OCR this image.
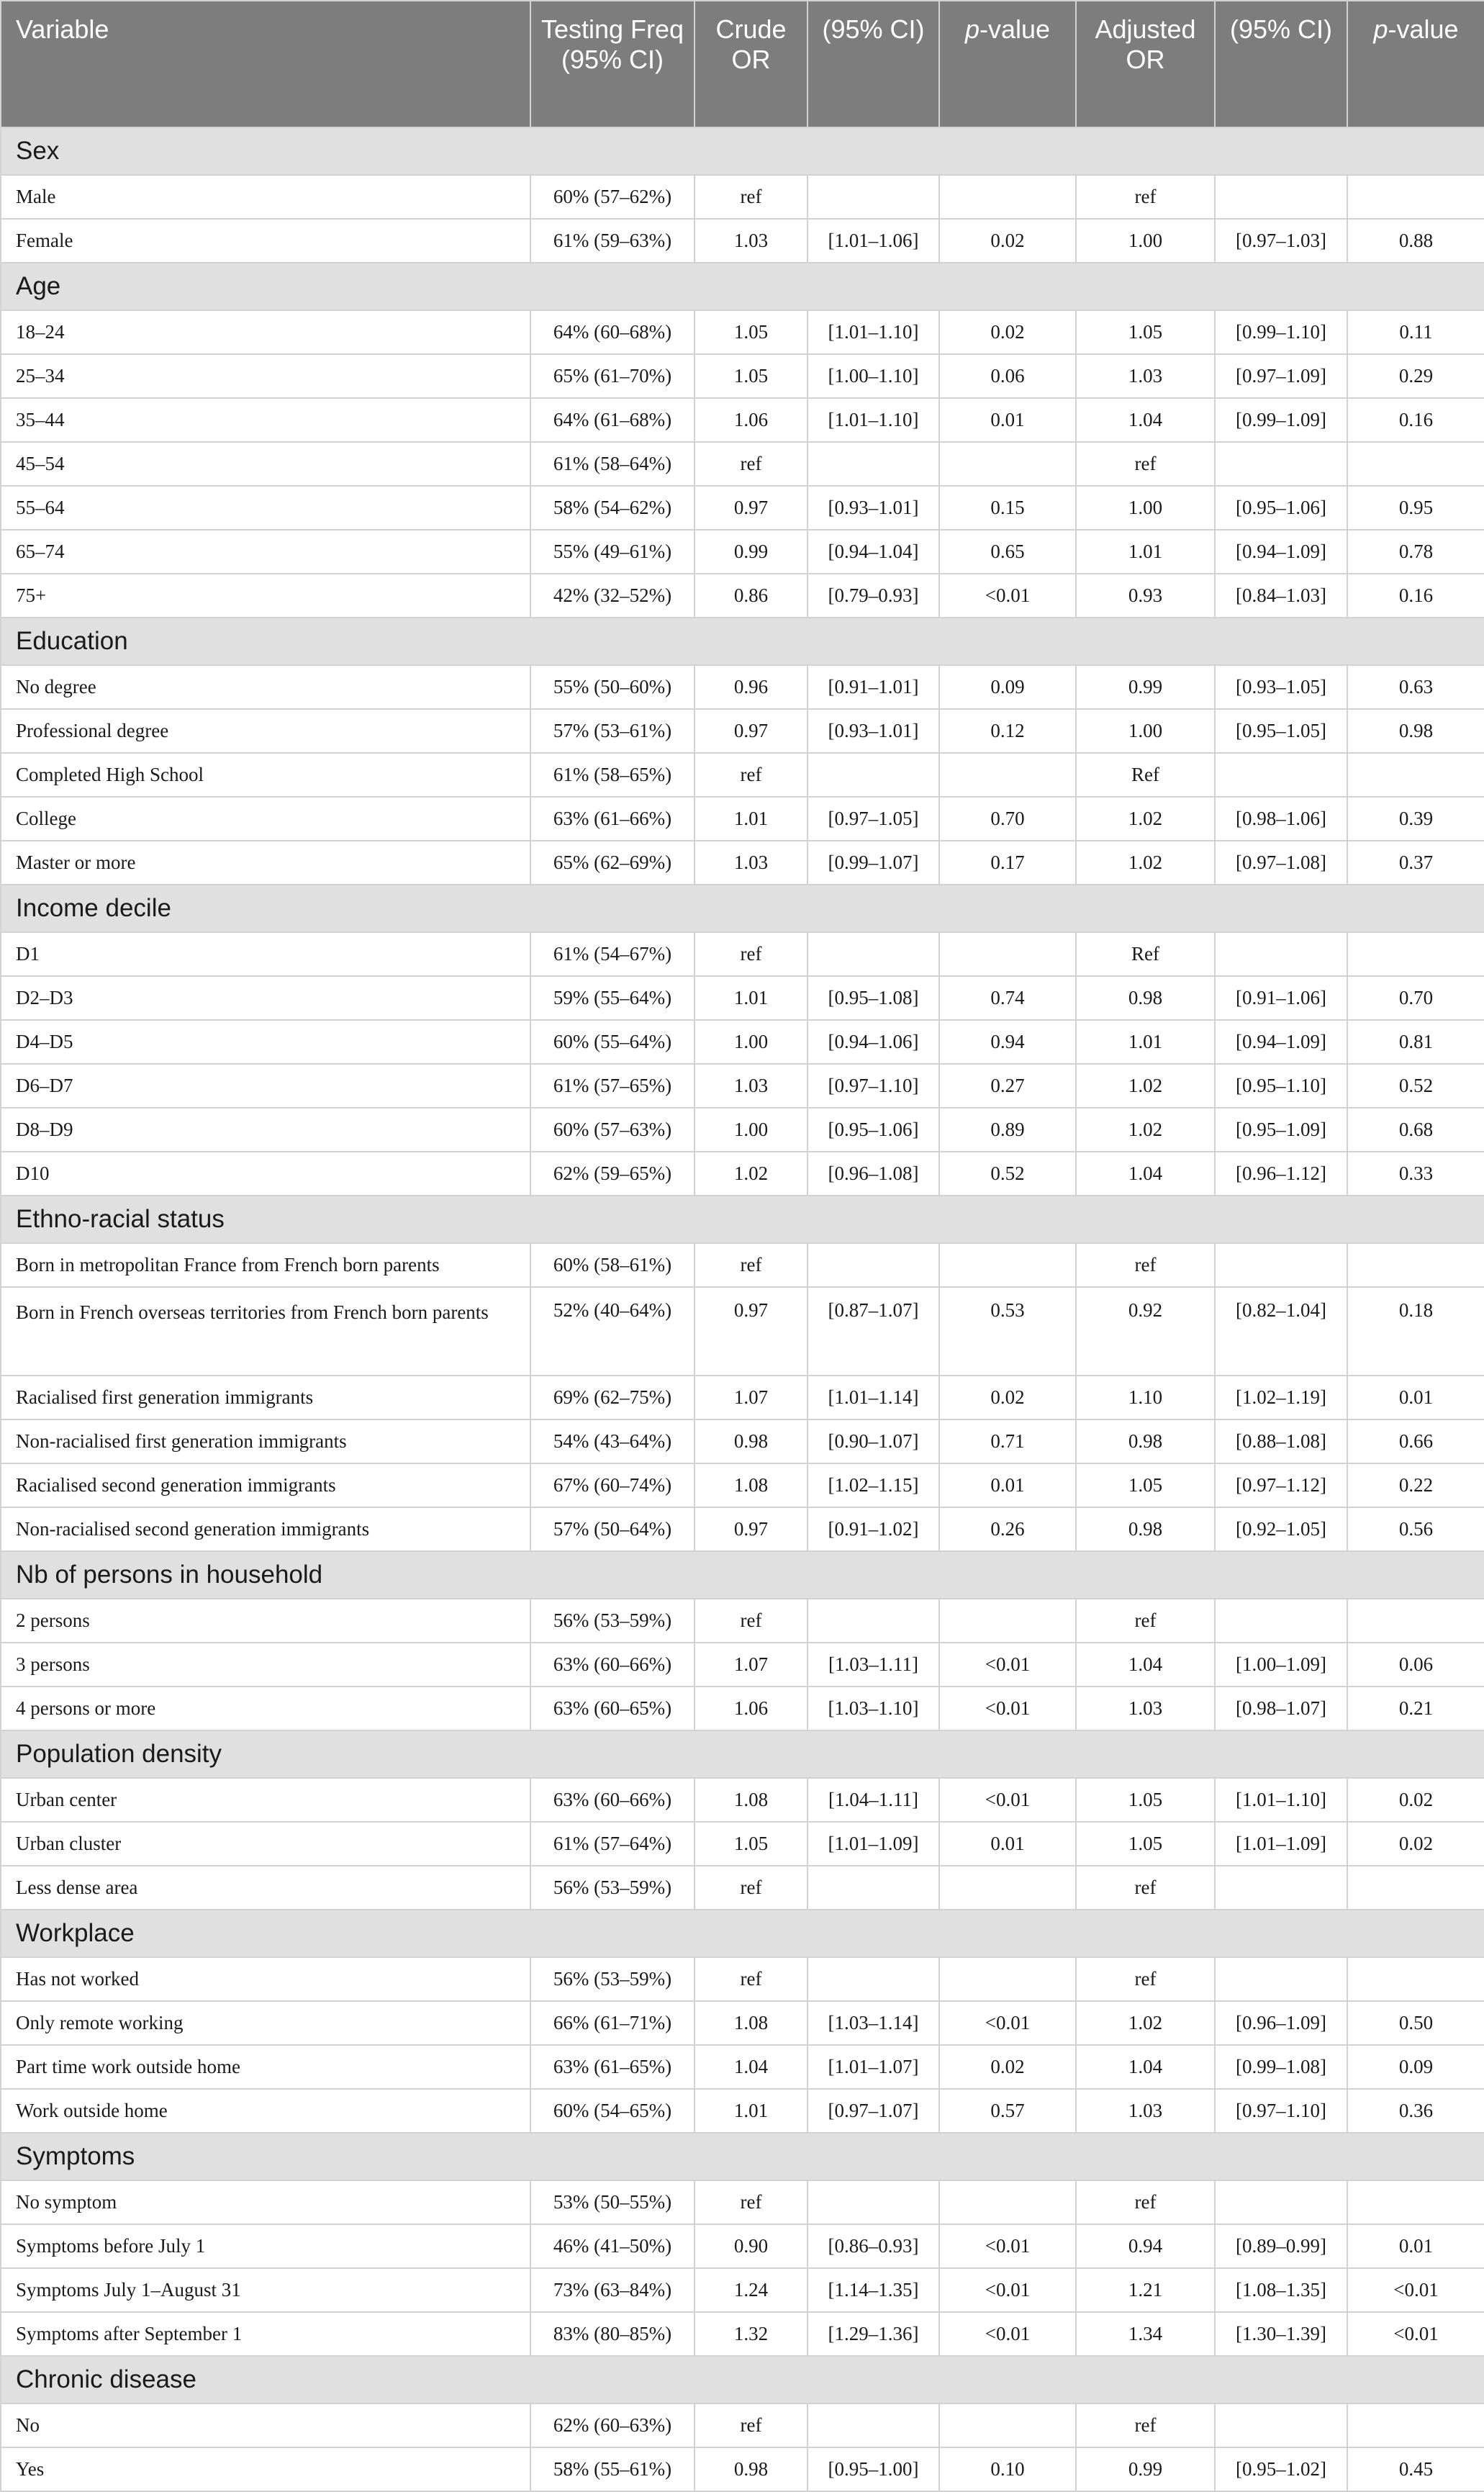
Variable	Testing Freq (95% CI)	Crude OR	(95% CI)	p-value	Adjusted OR	(95% CI)	p-value
Sex							
Male	60% (57–62%)	ref			ref		
Female	61% (59–63%)	1.03	[1.01–1.06]	0.02	1.00	[0.97–1.03]	0.88
Age							
18–24	64% (60–68%)	1.05	[1.01–1.10]	0.02	1.05	[0.99–1.10]	0.11
25–34	65% (61–70%)	1.05	[1.00–1.10]	0.06	1.03	[0.97–1.09]	0.29
35–44	64% (61–68%)	1.06	[1.01–1.10]	0.01	1.04	[0.99–1.09]	0.16
45–54	61% (58–64%)	ref			ref		
55–64	58% (54–62%)	0.97	[0.93–1.01]	0.15	1.00	[0.95–1.06]	0.95
65–74	55% (49–61%)	0.99	[0.94–1.04]	0.65	1.01	[0.94–1.09]	0.78
75+	42% (32–52%)	0.86	[0.79–0.93]	<0.01	0.93	[0.84–1.03]	0.16
Education							
No degree	55% (50–60%)	0.96	[0.91–1.01]	0.09	0.99	[0.93–1.05]	0.63
Professional degree	57% (53–61%)	0.97	[0.93–1.01]	0.12	1.00	[0.95–1.05]	0.98
Completed High School	61% (58–65%)	ref			Ref		
College	63% (61–66%)	1.01	[0.97–1.05]	0.70	1.02	[0.98–1.06]	0.39
Master or more	65% (62–69%)	1.03	[0.99–1.07]	0.17	1.02	[0.97–1.08]	0.37
Income decile							
D1	61% (54–67%)	ref			Ref		
D2–D3	59% (55–64%)	1.01	[0.95–1.08]	0.74	0.98	[0.91–1.06]	0.70
D4–D5	60% (55–64%)	1.00	[0.94–1.06]	0.94	1.01	[0.94–1.09]	0.81
D6–D7	61% (57–65%)	1.03	[0.97–1.10]	0.27	1.02	[0.95–1.10]	0.52
D8–D9	60% (57–63%)	1.00	[0.95–1.06]	0.89	1.02	[0.95–1.09]	0.68
D10	62% (59–65%)	1.02	[0.96–1.08]	0.52	1.04	[0.96–1.12]	0.33
Ethno-racial status							
Born in metropolitan France from French born parents	60% (58–61%)	ref			ref		
Born in French overseas territories from French born parents	52% (40–64%)	0.97	[0.87–1.07]	0.53	0.92	[0.82–1.04]	0.18
Racialised first generation immigrants	69% (62–75%)	1.07	[1.01–1.14]	0.02	1.10	[1.02–1.19]	0.01
Non-racialised first generation immigrants	54% (43–64%)	0.98	[0.90–1.07]	0.71	0.98	[0.88–1.08]	0.66
Racialised second generation immigrants	67% (60–74%)	1.08	[1.02–1.15]	0.01	1.05	[0.97–1.12]	0.22
Non-racialised second generation immigrants	57% (50–64%)	0.97	[0.91–1.02]	0.26	0.98	[0.92–1.05]	0.56
Nb of persons in household							
2 persons	56% (53–59%)	ref			ref		
3 persons	63% (60–66%)	1.07	[1.03–1.11]	<0.01	1.04	[1.00–1.09]	0.06
4 persons or more	63% (60–65%)	1.06	[1.03–1.10]	<0.01	1.03	[0.98–1.07]	0.21
Population density							
Urban center	63% (60–66%)	1.08	[1.04–1.11]	<0.01	1.05	[1.01–1.10]	0.02
Urban cluster	61% (57–64%)	1.05	[1.01–1.09]	0.01	1.05	[1.01–1.09]	0.02
Less dense area	56% (53–59%)	ref			ref		
Workplace							
Has not worked	56% (53–59%)	ref			ref		
Only remote working	66% (61–71%)	1.08	[1.03–1.14]	<0.01	1.02	[0.96–1.09]	0.50
Part time work outside home	63% (61–65%)	1.04	[1.01–1.07]	0.02	1.04	[0.99–1.08]	0.09
Work outside home	60% (54–65%)	1.01	[0.97–1.07]	0.57	1.03	[0.97–1.10]	0.36
Symptoms							
No symptom	53% (50–55%)	ref			ref		
Symptoms before July 1	46% (41–50%)	0.90	[0.86–0.93]	<0.01	0.94	[0.89–0.99]	0.01
Symptoms July 1–August 31	73% (63–84%)	1.24	[1.14–1.35]	<0.01	1.21	[1.08–1.35]	<0.01
Symptoms after September 1	83% (80–85%)	1.32	[1.29–1.36]	<0.01	1.34	[1.30–1.39]	<0.01
Chronic disease							
No	62% (60–63%)	ref			ref		
Yes	58% (55–61%)	0.98	[0.95–1.00]	0.10	0.99	[0.95–1.02]	0.45
